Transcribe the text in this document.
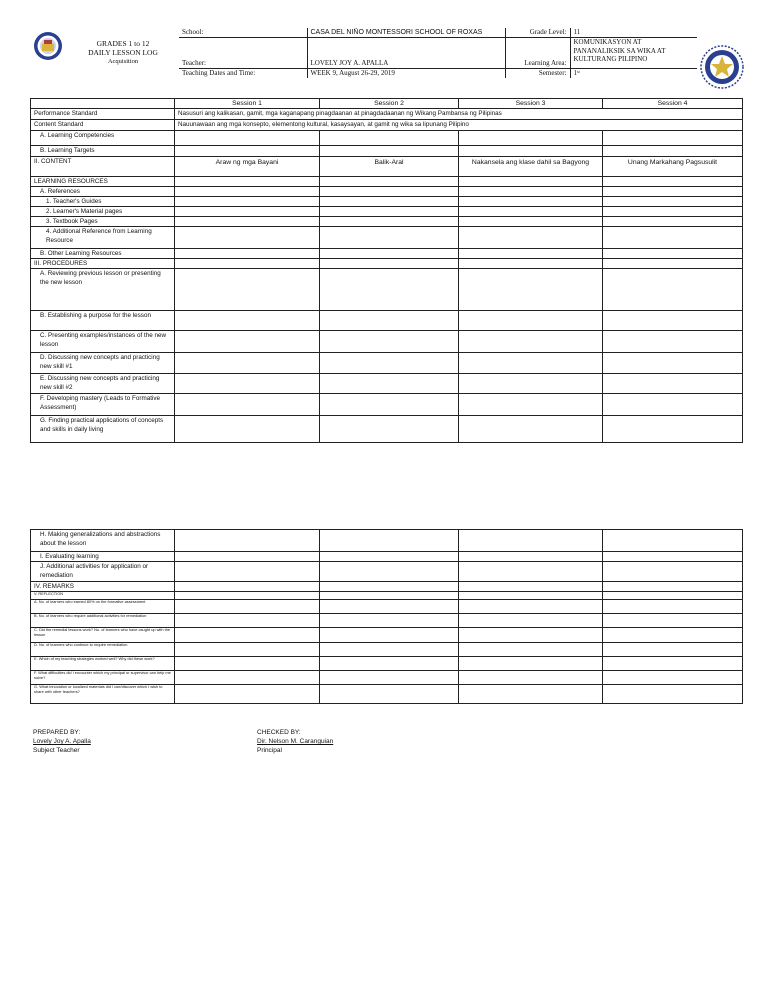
GRADES 1 to 12
DAILY LESSON LOG
Acquisition
School:	CASA DEL NIÑO MONTESSORI SCHOOL OF ROXAS	Grade Level:	11
Teacher:	LOVELY JOY A. APALLA	Learning Area:	KOMUNIKASYON AT PANANALIKSIK SA WIKA AT KULTURANG PILIPINO
Teaching Dates and Time:	WEEK 9, August 26-29, 2019	Semester:	1ˢᵗ
	Session 1	Session 2	Session 3	Session 4
Performance Standard	Nasusuri ang kalikasan, gamit, mga kaganapang pinagdaanan at pinagdadaanan ng Wikang Pambansa ng Pilipinas			
Content Standard	Nauunawaan ang mga konsepto, elementong kultural, kasaysayan, at gamit ng wika sa lipunang Pilipino			
A. Learning Competencies				
B. Learning Targets				
II. CONTENT	Araw ng mga Bayani	Balik-Aral	Nakansela ang klase dahil sa Bagyong	Unang Markahang Pagsusulit
LEARNING RESOURCES				
A. References				
1. Teacher's Guides				
2. Learner's Material pages				
3. Textbook Pages				
4. Additional Reference from Learning Resource				
B. Other Learning Resources				
III. PROCEDURES				
A. Reviewing previous lesson or presenting the new lesson				
B. Establishing a purpose for the lesson				
C. Presenting examples/instances of the new lesson				
D. Discussing new concepts and practicing new skill #1				
E. Discussing new concepts and practicing new skill #2				
F. Developing mastery (Leads to Formative Assessment)				
G. Finding practical applications of concepts and skills in daily living				
H. Making generalizations and abstractions about the lesson				
I. Evaluating learning				
J. Additional activities for application or remediation				
IV. REMARKS				
V. REFLECTION				
A. No. of learners who earned 80% on the formative assessment				
B. No. of learners who require additional activities for remediation				
C. Did the remedial lessons work? No. of learners who have caught up with the lesson				
D. No. of learners who continue to require remediation				
E. Which of my teaching strategies worked well? Why did these work?				
F. What difficulties did I encounter which my principal or supervisor can help me solve?				
G. What innovation or localized materials did I use/discover which I wish to share with other teachers?				
PREPARED BY:
Lovely Joy A. Apalla
Subject Teacher
CHECKED BY:
Dir. Nelson M. Caranguian
Principal
